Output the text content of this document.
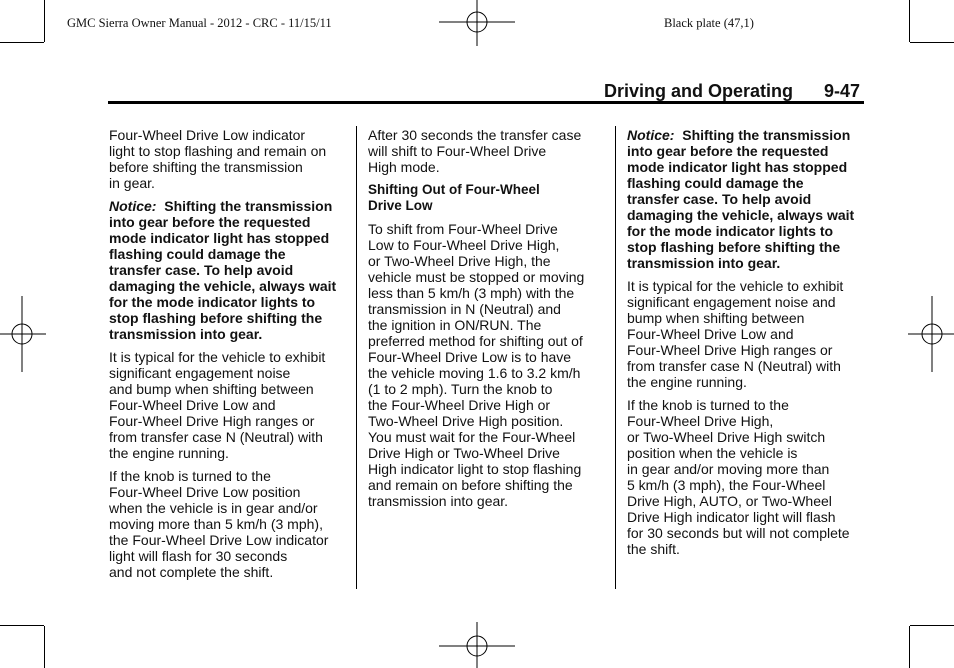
GMC Sierra Owner Manual - 2012 - CRC - 11/15/11	Black plate (47,1)
Driving and Operating 9-47

Four-Wheel Drive Low indicator
light to stop flashing and remain on
before shifting the transmission
in gear.

Notice: Shifting the transmission
into gear before the requested
mode indicator light has stopped
flashing could damage the
transfer case. To help avoid
damaging the vehicle, always wait
for the mode indicator lights to
stop flashing before shifting the
transmission into gear.

It is typical for the vehicle to exhibit
significant engagement noise
and bump when shifting between
Four-Wheel Drive Low and
Four-Wheel Drive High ranges or
from transfer case N (Neutral) with
the engine running.

If the knob is turned to the
Four-Wheel Drive Low position
when the vehicle is in gear and/or
moving more than 5 km/h (3 mph),
the Four-Wheel Drive Low indicator
light will flash for 30 seconds
and not complete the shift.

After 30 seconds the transfer case
will shift to Four-Wheel Drive
High mode.

Shifting Out of Four-Wheel
Drive Low

To shift from Four-Wheel Drive
Low to Four-Wheel Drive High,
or Two-Wheel Drive High, the
vehicle must be stopped or moving
less than 5 km/h (3 mph) with the
transmission in N (Neutral) and
the ignition in ON/RUN. The
preferred method for shifting out of
Four-Wheel Drive Low is to have
the vehicle moving 1.6 to 3.2 km/h
(1 to 2 mph). Turn the knob to
the Four-Wheel Drive High or
Two-Wheel Drive High position.
You must wait for the Four-Wheel
Drive High or Two-Wheel Drive
High indicator light to stop flashing
and remain on before shifting the
transmission into gear.

Notice: Shifting the transmission
into gear before the requested
mode indicator light has stopped
flashing could damage the
transfer case. To help avoid
damaging the vehicle, always wait
for the mode indicator lights to
stop flashing before shifting the
transmission into gear.

It is typical for the vehicle to exhibit
significant engagement noise and
bump when shifting between
Four-Wheel Drive Low and
Four-Wheel Drive High ranges or
from transfer case N (Neutral) with
the engine running.

If the knob is turned to the
Four-Wheel Drive High,
or Two-Wheel Drive High switch
position when the vehicle is
in gear and/or moving more than
5 km/h (3 mph), the Four-Wheel
Drive High, AUTO, or Two-Wheel
Drive High indicator light will flash
for 30 seconds but will not complete
the shift.
